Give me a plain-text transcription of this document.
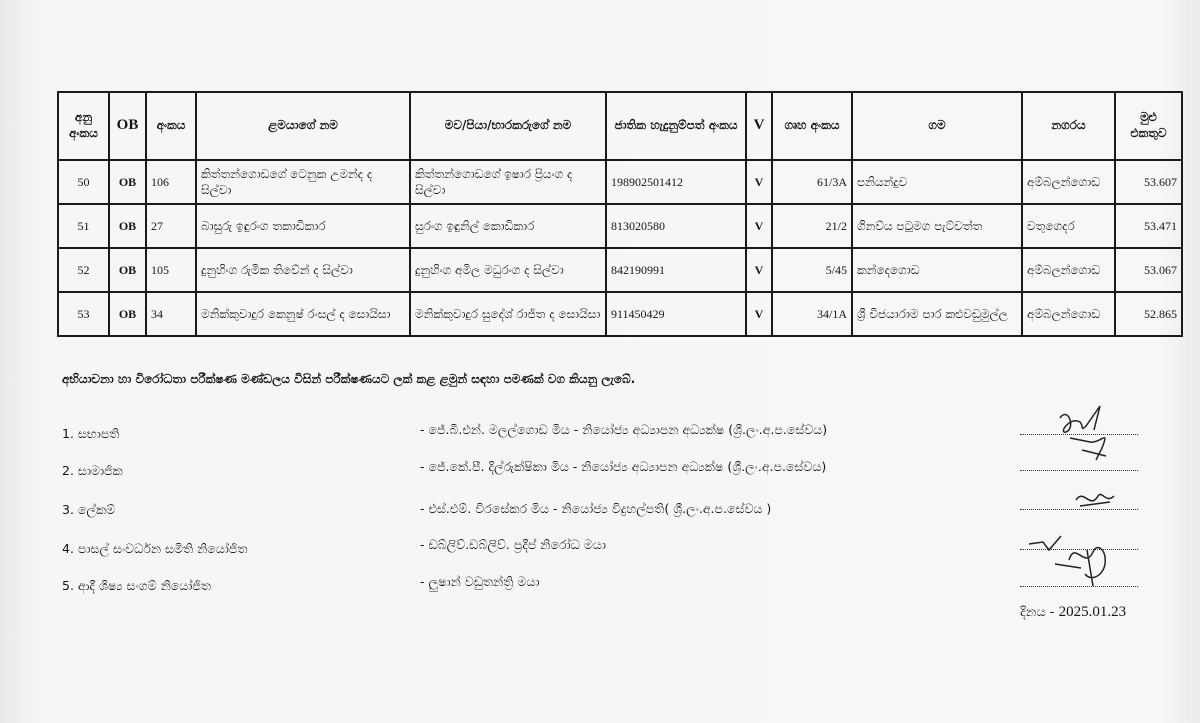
අනු අංකය	OB	අංකය	ළමයාගේ නම	මව/පියා/භාරකරුගේ නම	ජාතික හැදුනුම්පත් අංකය	V	ගෘහ අංකය	ගම	නගරය	මුළු එකතුව
50	OB	106	කිත්තන්ගොඩගේ ටෙනුක උමන්ද ද සිල්වා	කිත්තන්ගොඩගේ ඉෂාර ප්‍රියංග ද සිල්වා	198902501412	V	61/3A	පනියන්දුව	අම්බලන්ගොඩ	53.607
51	OB	27	බාසුරු ඉඳුරංග තකාඩිකාර	සුරංග ඉඳුනිල් කොඩිකාර	813020580	V	21/2	ගිනව්ය පටුමග පැට්වත්ත	වතුගෙදර	53.471
52	OB	105	දුනුහිංග රුමික තිවේන් ද සිල්වා	දුනුහිංග අමිල මධුරංග ද සිල්වා	842190991	V	5/45	කන්දෙගොඩ	අම්බලන්ගොඩ	53.067
53	OB	34	මනික්කුවාදුර කෙනුෂ් රංසල් ද සොයිසා	මනික්කුවාදුර සුදේශ් රාජිත ද සොයිසා	911450429	V	34/1A	ශ්‍රී විජයාරාම පාර කළුවඩුමුල්ල	අම්බලන්ගොඩ	52.865
අභියාචනා හා විරෝධතා පරීක්ෂණ මණ්ඩලය විසින් පරීක්ෂණයට ලක් කළ ළමුන් සඳහා පමණක් වග කියනු ලැබේ.
1. සභාපති	- ජේ.බී.එන්. මලල්ගොඩ මිය - නියෝජ්‍ය අධ්‍යාපන අධ්‍යක්ෂ (ශ්‍රී.ලං.අ.ප.සේවය)
2. සාමාජික	- ජේ.කේ.පී. දිල්රුක්ෂිකා මිය - නියෝජ්‍ය අධ්‍යාපන අධ්‍යක්ෂ (ශ්‍රී.ලං.අ.ප.සේවය)
3. ලේකම්	- එස්.එම්. විරසේකර මිය - නියෝජ්‍ය විදුහල්පති( ශ්‍රී.ලං.අ.ප.සේවය )
4. පාසල් සංවර්ධන සමිති නියෝජිත	- ඩබ්ලිව්.ඩබ්ලිව්. ප්‍රදීප් නිරෝධ මයා
5. ආදී ශිෂ්‍ය සංගම් නියෝජිත	- ලුෂාන් වඩුතන්ත්‍රි මයා
දිනය - 2025.01.23
